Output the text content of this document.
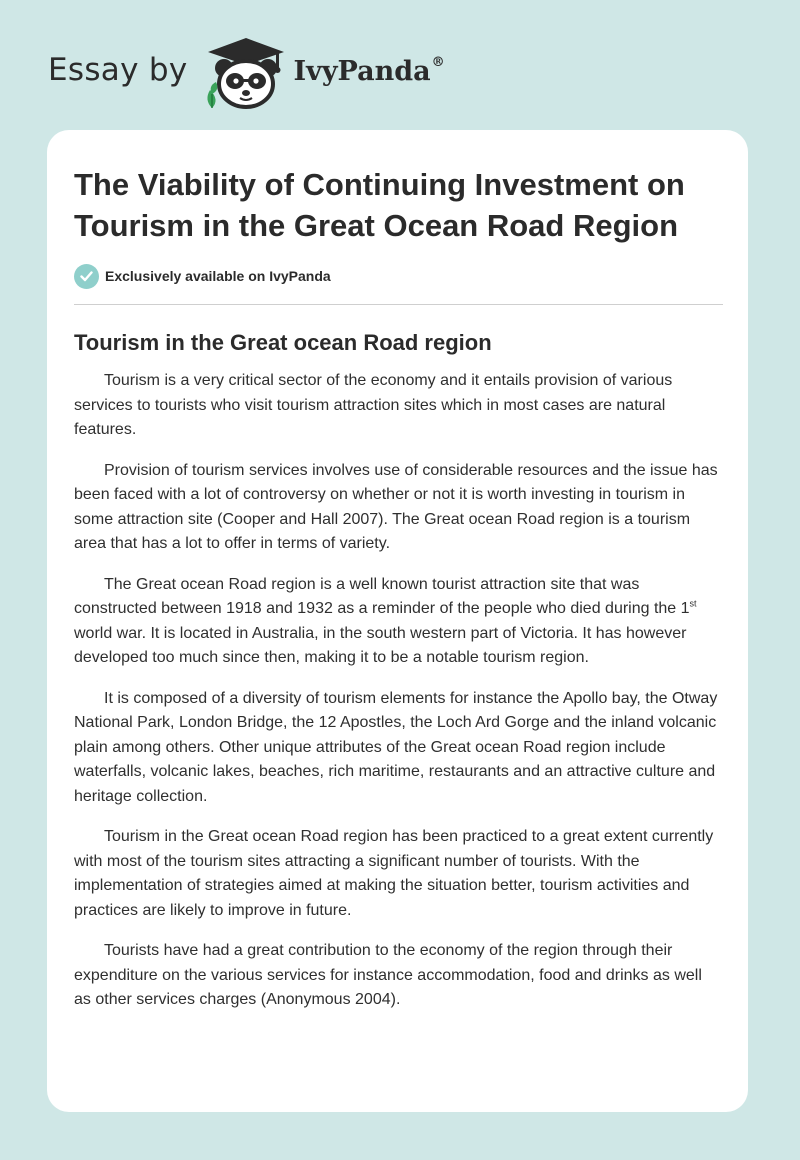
Essay by	IvyPanda®
The Viability of Continuing Investment on Tourism in the Great Ocean Road Region
Exclusively available on IvyPanda
Tourism in the Great ocean Road region

Tourism is a very critical sector of the economy and it entails provision of various services to tourists who visit tourism attraction sites which in most cases are natural features.

Provision of tourism services involves use of considerable resources and the issue has been faced with a lot of controversy on whether or not it is worth investing in tourism in some attraction site (Cooper and Hall 2007). The Great ocean Road region is a tourism area that has a lot to offer in terms of variety.

The Great ocean Road region is a well known tourist attraction site that was constructed between 1918 and 1932 as a reminder of the people who died during the 1st world war. It is located in Australia, in the south western part of Victoria. It has however developed too much since then, making it to be a notable tourism region.

It is composed of a diversity of tourism elements for instance the Apollo bay, the Otway National Park, London Bridge, the 12 Apostles, the Loch Ard Gorge and the inland volcanic plain among others. Other unique attributes of the Great ocean Road region include waterfalls, volcanic lakes, beaches, rich maritime, restaurants and an attractive culture and heritage collection.

Tourism in the Great ocean Road region has been practiced to a great extent currently with most of the tourism sites attracting a significant number of tourists. With the implementation of strategies aimed at making the situation better, tourism activities and practices are likely to improve in future.

Tourists have had a great contribution to the economy of the region through their expenditure on the various services for instance accommodation, food and drinks as well as other services charges (Anonymous 2004).
